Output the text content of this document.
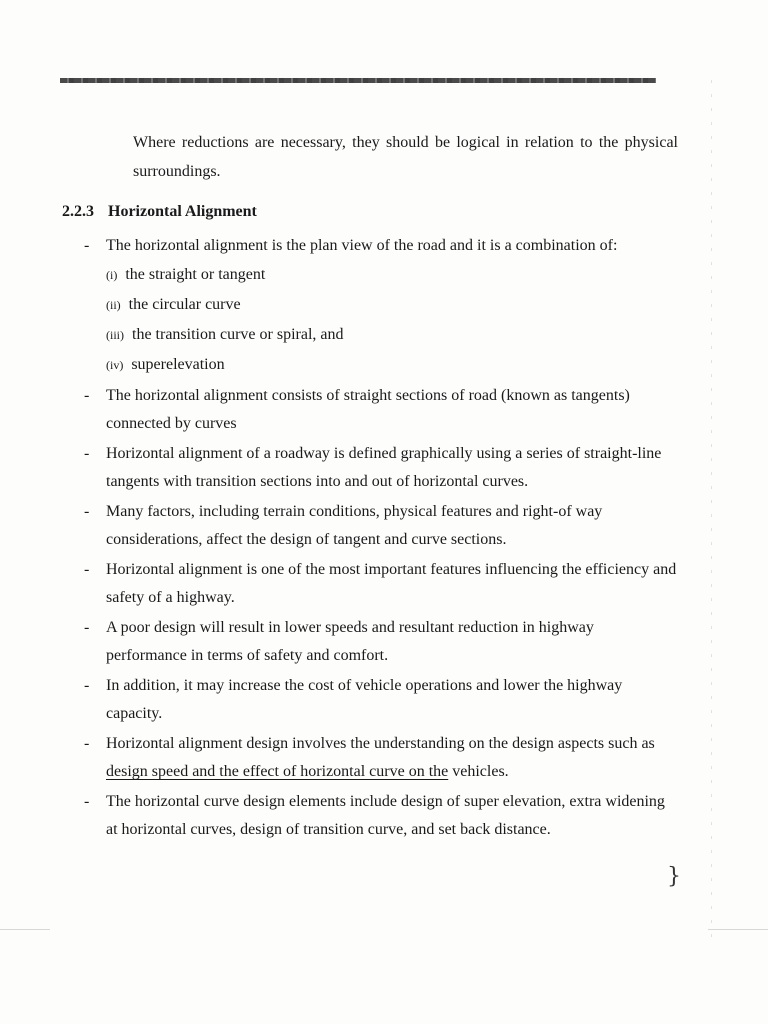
Where reductions are necessary, they should be logical in relation to the physical surroundings.

2.2.3 Horizontal Alignment
- The horizontal alignment is the plan view of the road and it is a combination of:
(i) the straight or tangent
(ii) the circular curve
(iii) the transition curve or spiral, and
(iv) superelevation
- The horizontal alignment consists of straight sections of road (known as tangents) connected by curves
- Horizontal alignment of a roadway is defined graphically using a series of straight-line tangents with transition sections into and out of horizontal curves.
- Many factors, including terrain conditions, physical features and right-of way considerations, affect the design of tangent and curve sections.
- Horizontal alignment is one of the most important features influencing the efficiency and safety of a highway.
- A poor design will result in lower speeds and resultant reduction in highway performance in terms of safety and comfort.
- In addition, it may increase the cost of vehicle operations and lower the highway capacity.
- Horizontal alignment design involves the understanding on the design aspects such as design speed and the effect of horizontal curve on the vehicles.
- The horizontal curve design elements include design of super elevation, extra widening at horizontal curves, design of transition curve, and set back distance.
}
